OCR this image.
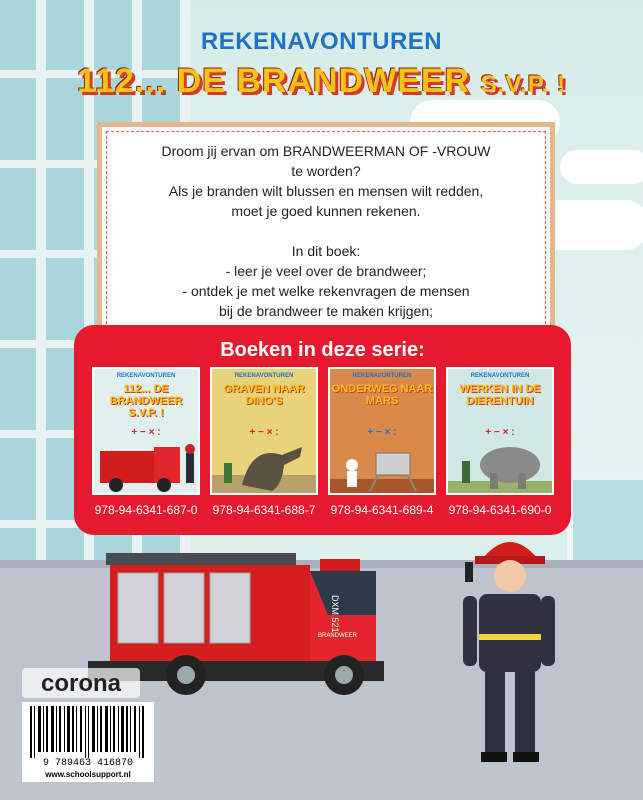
REKENAVONTUREN
112... DE BRANDWEER S.V.P. !
Droom jij ervan om BRANDWEERMAN OF -VROUW
te worden?
Als je branden wilt blussen en mensen wilt redden,
moet je goed kunnen rekenen.
In dit boek:
- leer je veel over de brandweer;
- ontdek je met welke rekenvragen de mensen
bij de brandweer te maken krijgen;
Boeken in deze serie:
REKENAVONTUREN
112... DE BRANDWEER S.V.P. !
+ − × :
REKENAVONTUREN
GRAVEN NAAR DINO'S
+ − × :
REKENAVONTUREN
ONDERWEG NAAR MARS
+ − × :
REKENAVONTUREN
WERKEN IN DE DIERENTUIN
+ − × :
978-94-6341-687-0	978-94-6341-688-7	978-94-6341-689-4	978-94-6341-690-0
DXM 521
BRANDWEER
corona
9 789463 416870
www.schoolsupport.nl
